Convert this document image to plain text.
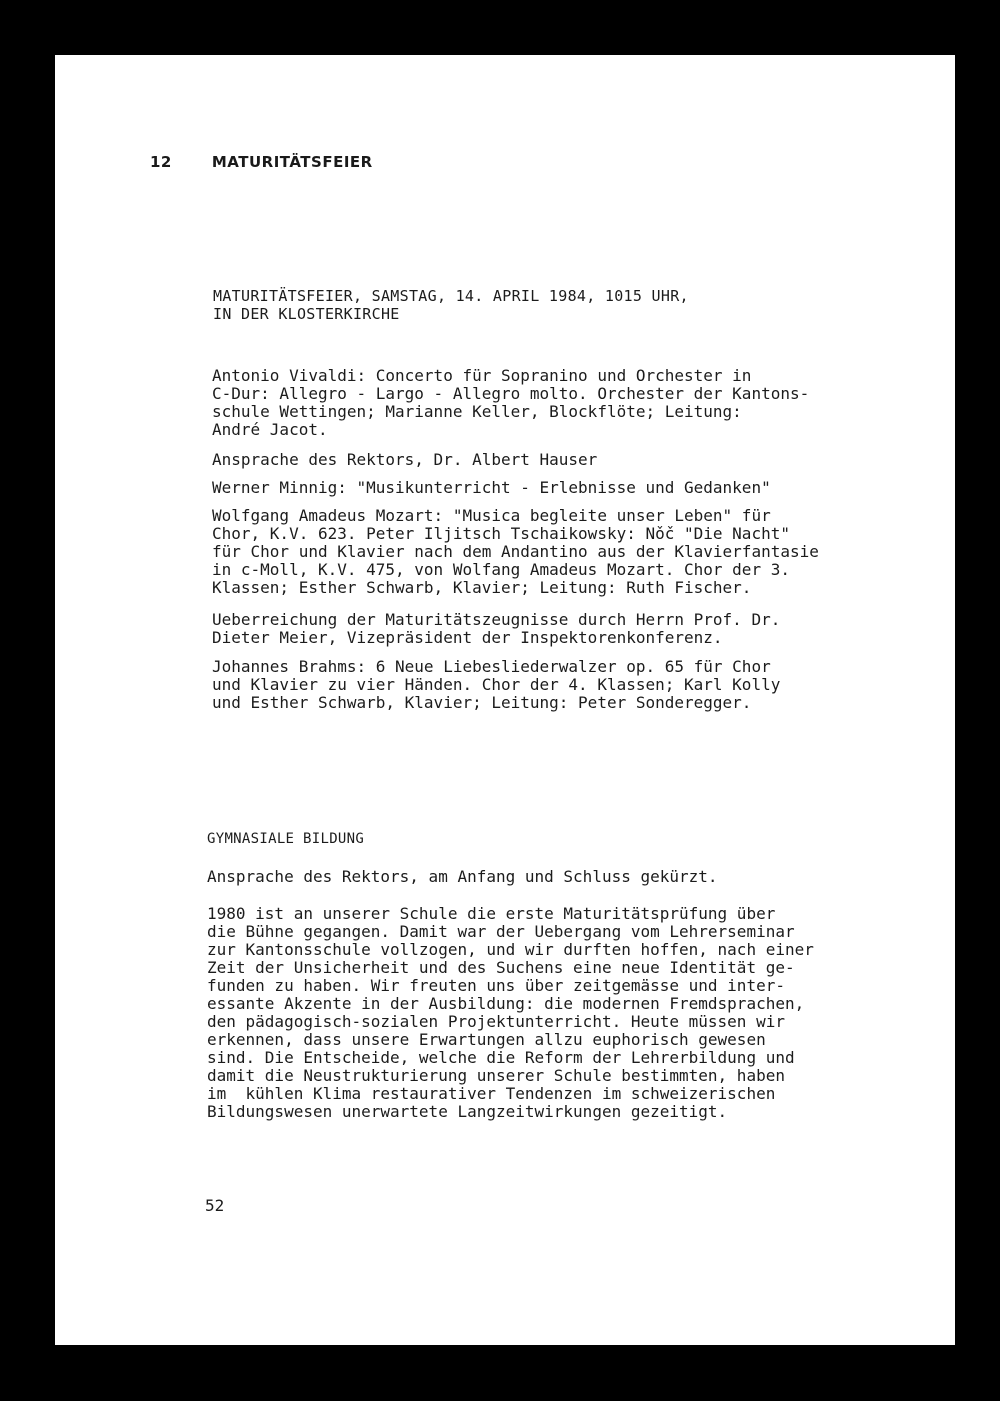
12	MATURITÄTSFEIER
MATURITÄTSFEIER, SAMSTAG, 14. APRIL 1984, 1015 UHR,
IN DER KLOSTERKIRCHE

Antonio Vivaldi: Concerto für Sopranino und Orchester in
C-Dur: Allegro - Largo - Allegro molto. Orchester der Kantons-
schule Wettingen; Marianne Keller, Blockflöte; Leitung:
André Jacot.

Ansprache des Rektors, Dr. Albert Hauser

Werner Minnig: "Musikunterricht - Erlebnisse und Gedanken"

Wolfgang Amadeus Mozart: "Musica begleite unser Leben" für
Chor, K.V. 623. Peter Iljitsch Tschaikowsky: Nǒč "Die Nacht"
für Chor und Klavier nach dem Andantino aus der Klavierfantasie
in c-Moll, K.V. 475, von Wolfang Amadeus Mozart. Chor der 3.
Klassen; Esther Schwarb, Klavier; Leitung: Ruth Fischer.

Ueberreichung der Maturitätszeugnisse durch Herrn Prof. Dr.
Dieter Meier, Vizepräsident der Inspektorenkonferenz.

Johannes Brahms: 6 Neue Liebesliederwalzer op. 65 für Chor
und Klavier zu vier Händen. Chor der 4. Klassen; Karl Kolly
und Esther Schwarb, Klavier; Leitung: Peter Sonderegger.

GYMNASIALE BILDUNG
Ansprache des Rektors, am Anfang und Schluss gekürzt.

1980 ist an unserer Schule die erste Maturitätsprüfung über
die Bühne gegangen. Damit war der Uebergang vom Lehrerseminar
zur Kantonsschule vollzogen, und wir durften hoffen, nach einer
Zeit der Unsicherheit und des Suchens eine neue Identität ge-
funden zu haben. Wir freuten uns über zeitgemässe und inter-
essante Akzente in der Ausbildung: die modernen Fremdsprachen,
den pädagogisch-sozialen Projektunterricht. Heute müssen wir
erkennen, dass unsere Erwartungen allzu euphorisch gewesen
sind. Die Entscheide, welche die Reform der Lehrerbildung und
damit die Neustrukturierung unserer Schule bestimmten, haben
im  kühlen Klima restaurativer Tendenzen im schweizerischen
Bildungswesen unerwartete Langzeitwirkungen gezeitigt.

52
